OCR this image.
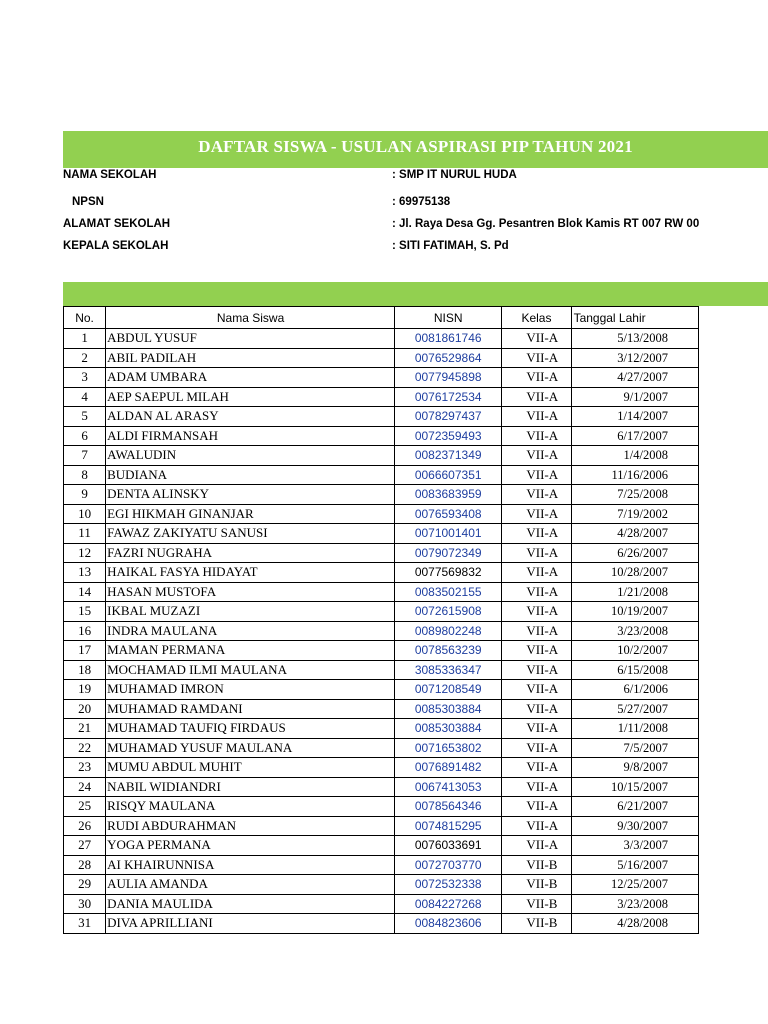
DAFTAR SISWA - USULAN ASPIRASI PIP TAHUN 2021
NAMA SEKOLAH	: SMP IT NURUL HUDA
NPSN	: 69975138
ALAMAT SEKOLAH	: Jl. Raya Desa Gg. Pesantren Blok Kamis RT 007 RW 00
KEPALA SEKOLAH	: SITI FATIMAH, S. Pd
No.	Nama Siswa	NISN	Kelas	Tanggal Lahir
1	ABDUL YUSUF	0081861746	VII-A	5/13/2008
2	ABIL PADILAH	0076529864	VII-A	3/12/2007
3	ADAM UMBARA	0077945898	VII-A	4/27/2007
4	AEP SAEPUL MILAH	0076172534	VII-A	9/1/2007
5	ALDAN AL ARASY	0078297437	VII-A	1/14/2007
6	ALDI FIRMANSAH	0072359493	VII-A	6/17/2007
7	AWALUDIN	0082371349	VII-A	1/4/2008
8	BUDIANA	0066607351	VII-A	11/16/2006
9	DENTA ALINSKY	0083683959	VII-A	7/25/2008
10	EGI HIKMAH GINANJAR	0076593408	VII-A	7/19/2002
11	FAWAZ ZAKIYATU SANUSI	0071001401	VII-A	4/28/2007
12	FAZRI NUGRAHA	0079072349	VII-A	6/26/2007
13	HAIKAL FASYA HIDAYAT	0077569832	VII-A	10/28/2007
14	HASAN MUSTOFA	0083502155	VII-A	1/21/2008
15	IKBAL MUZAZI	0072615908	VII-A	10/19/2007
16	INDRA MAULANA	0089802248	VII-A	3/23/2008
17	MAMAN PERMANA	0078563239	VII-A	10/2/2007
18	MOCHAMAD ILMI MAULANA	3085336347	VII-A	6/15/2008
19	MUHAMAD IMRON	0071208549	VII-A	6/1/2006
20	MUHAMAD RAMDANI	0085303884	VII-A	5/27/2007
21	MUHAMAD TAUFIQ FIRDAUS	0085303884	VII-A	1/11/2008
22	MUHAMAD YUSUF MAULANA	0071653802	VII-A	7/5/2007
23	MUMU ABDUL MUHIT	0076891482	VII-A	9/8/2007
24	NABIL WIDIANDRI	0067413053	VII-A	10/15/2007
25	RISQY MAULANA	0078564346	VII-A	6/21/2007
26	RUDI ABDURAHMAN	0074815295	VII-A	9/30/2007
27	YOGA PERMANA	0076033691	VII-A	3/3/2007
28	AI KHAIRUNNISA	0072703770	VII-B	5/16/2007
29	AULIA AMANDA	0072532338	VII-B	12/25/2007
30	DANIA MAULIDA	0084227268	VII-B	3/23/2008
31	DIVA APRILLIANI	0084823606	VII-B	4/28/2008
